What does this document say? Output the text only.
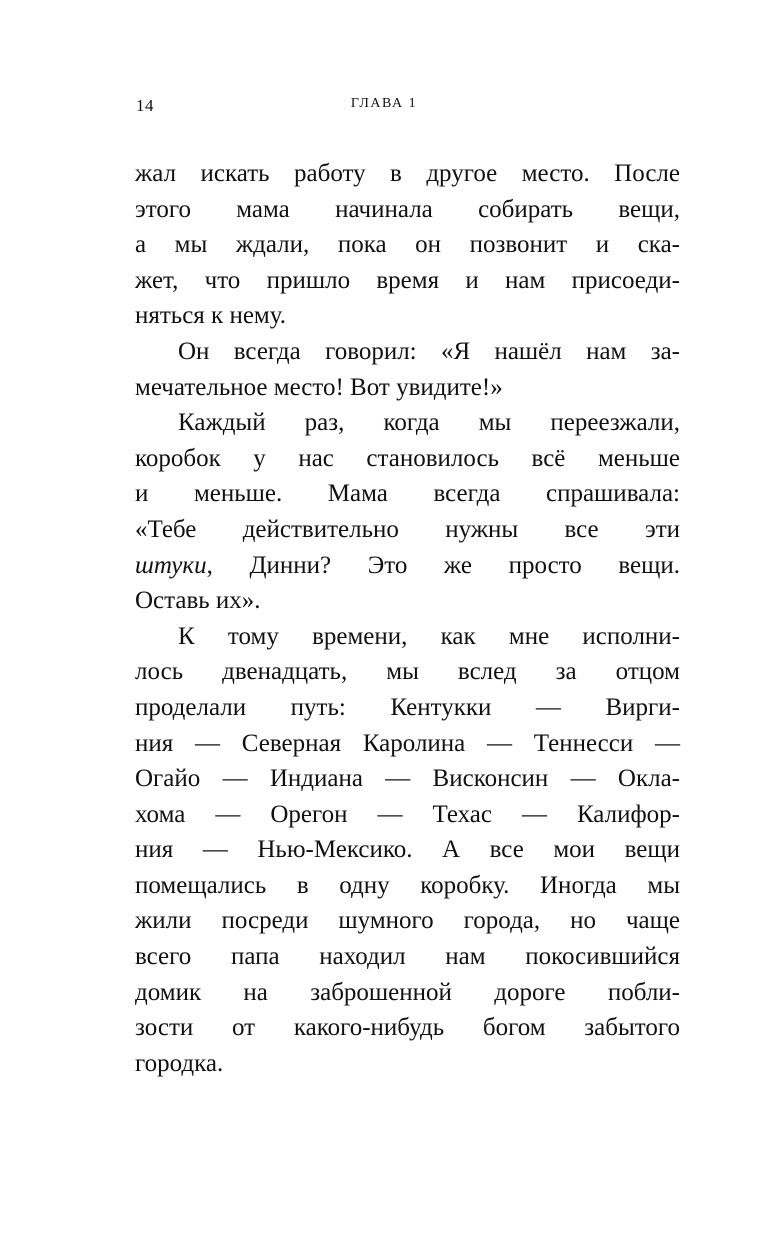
14	ГЛАВА 1
жал искать работу в другое место. После
этого мама начинала собирать вещи,
а мы ждали, пока он позвонит и ска-
жет, что пришло время и нам присоеди-
няться к нему.
Он всегда говорил: «Я нашёл нам за-
мечательное место! Вот увидите!»
Каждый раз, когда мы переезжали,
коробок у нас становилось всё меньше
и меньше. Мама всегда спрашивала:
«Тебе действительно нужны все эти
штуки, Динни? Это же просто вещи.
Оставь их».
К тому времени, как мне исполни-
лось двенадцать, мы вслед за отцом
проделали путь: Кентукки — Вирги-
ния — Северная Каролина — Теннесси —
Огайо — Индиана — Висконсин — Окла-
хома — Орегон — Техас — Калифор-
ния — Нью-Мексико. А все мои вещи
помещались в одну коробку. Иногда мы
жили посреди шумного города, но чаще
всего папа находил нам покосившийся
домик на заброшенной дороге побли-
зости от какого-нибудь богом забытого
городка.
